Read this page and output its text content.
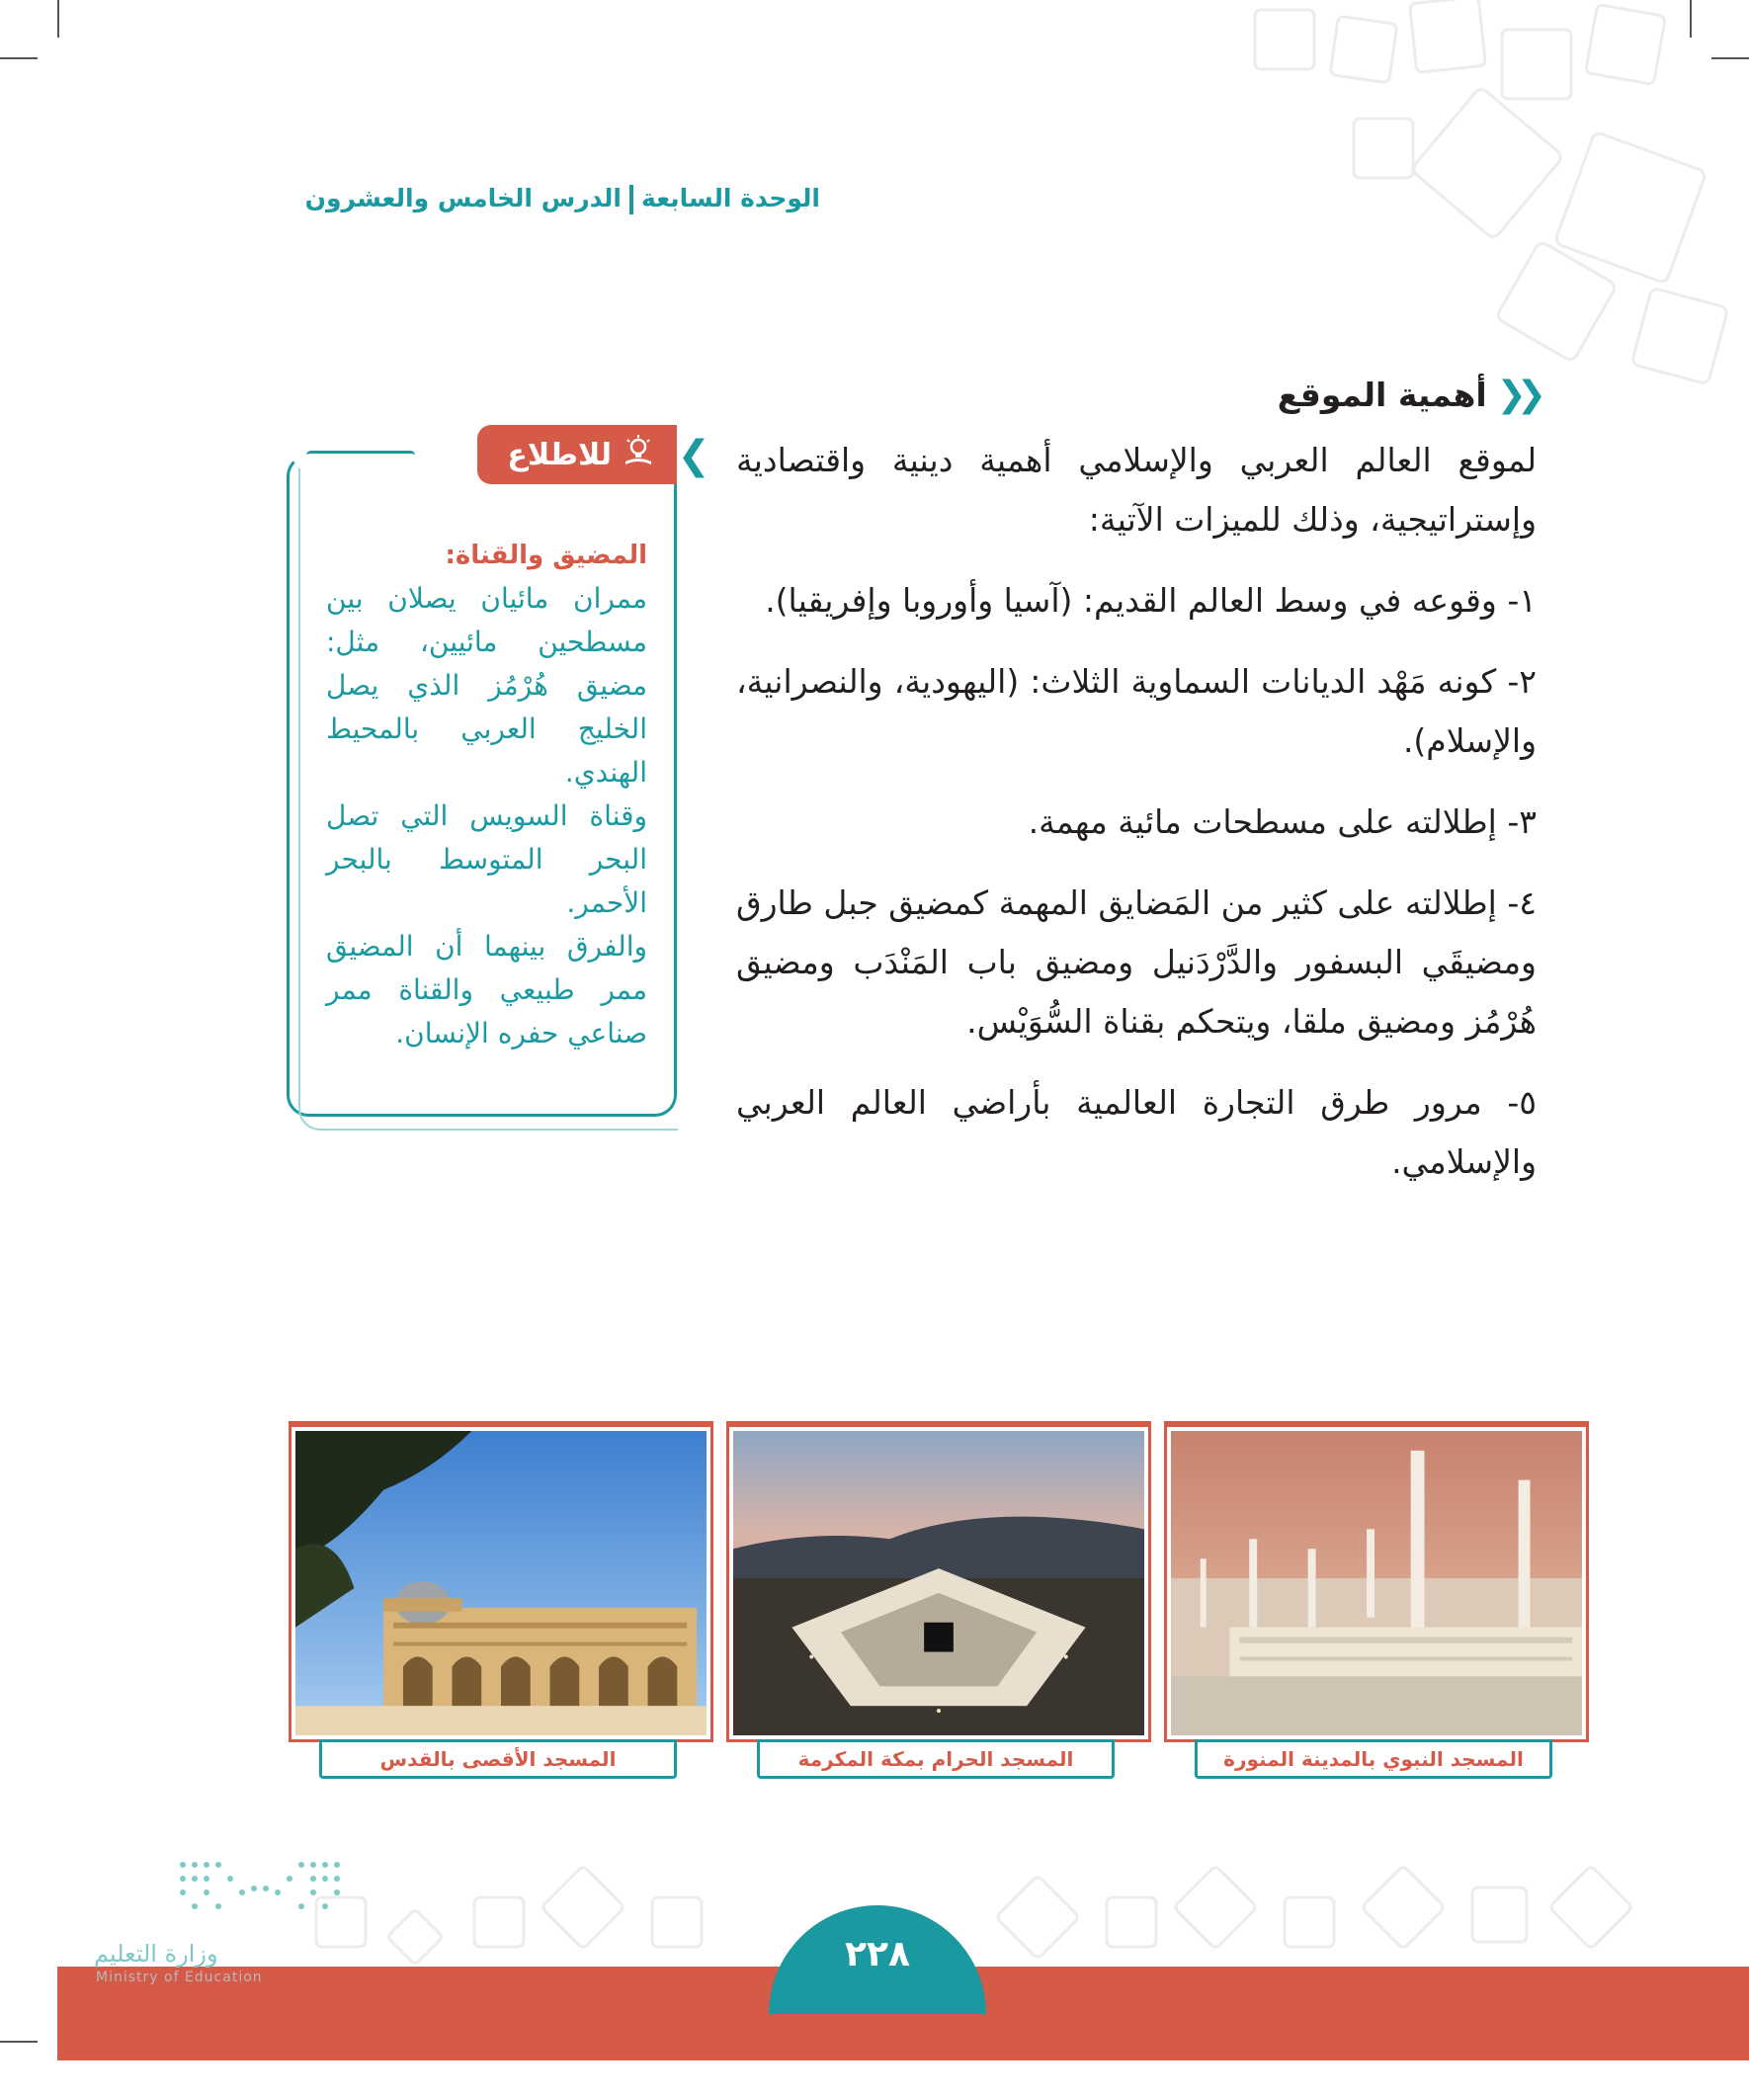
الوحدة السابعةالدرس الخامس والعشرون
❮❮
أهمية الموقع

لموقع العالم العربي والإسلامي أهمية دينية واقتصادية وإستراتيجية، وذلك للميزات الآتية:

١- وقوعه في وسط العالم القديم: (آسيا وأوروبا وإفريقيا).

٢- كونه مَهْد الديانات السماوية الثلاث: (اليهودية، والنصرانية، والإسلام).

٣- إطلالته على مسطحات مائية مهمة.

٤- إطلالته على كثير من المَضايق المهمة كمضيق جبل طارق ومضيقَي البسفور والدَّرْدَنيل ومضيق باب المَنْدَب ومضيق هُرْمُز ومضيق ملقا، ويتحكم بقناة السُّوَيْس.

٥- مرور طرق التجارة العالمية بأراضي العالم العربي والإسلامي.

للاطلاع ❮
المضيق والقناة:
ممران مائيان يصلان بين مسطحين مائيين، مثل: مضيق هُرْمُز الذي يصل الخليج العربي بالمحيط الهندي.
وقناة السويس التي تصل البحر المتوسط بالبحر الأحمر.
والفرق بينهما أن المضيق ممر طبيعي والقناة ممر صناعي حفره الإنسان.
المسجد الأقصى بالقدس	المسجد الحرام بمكة المكرمة	المسجد النبوي بالمدينة المنورة
٢٢٨
وزارة التعليم
Ministry of Education
